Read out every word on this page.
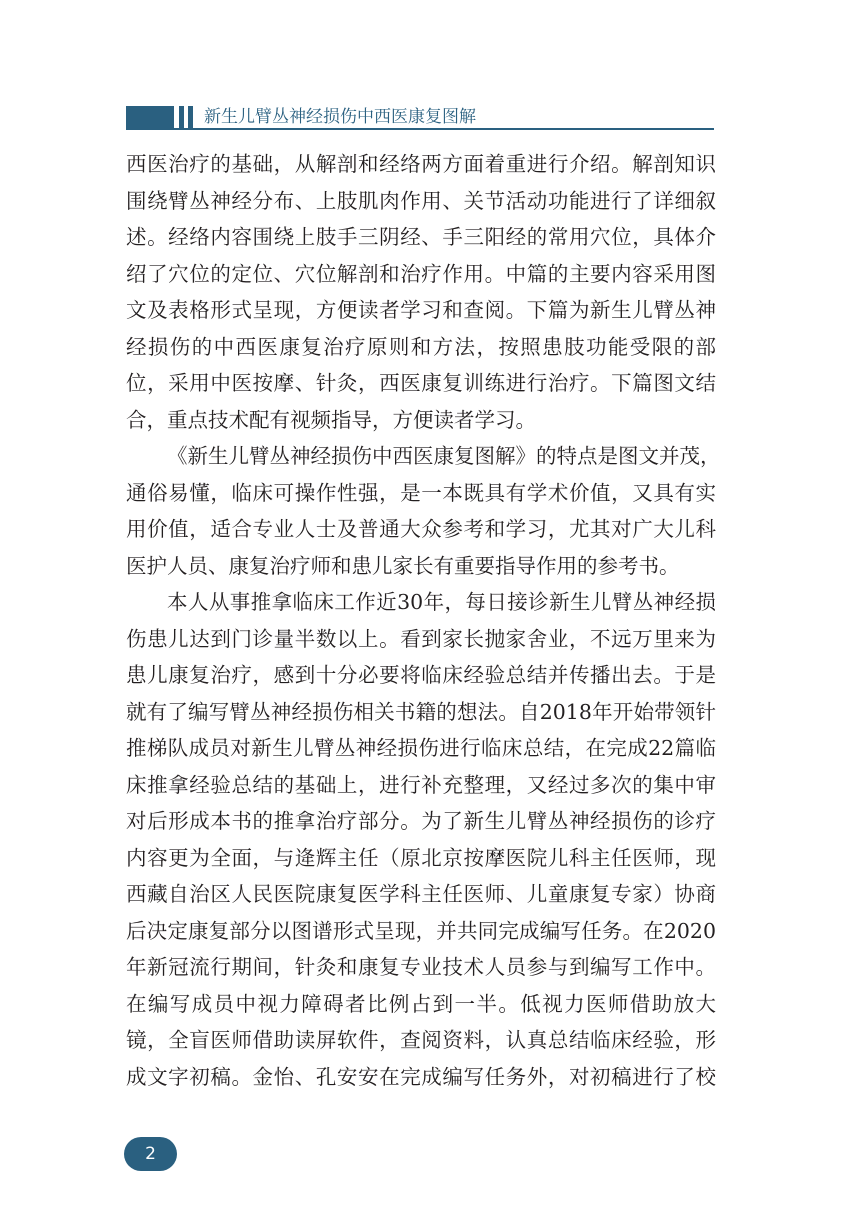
新生儿臂丛神经损伤中西医康复图解
西医治疗的基础，从解剖和经络两方面着重进行介绍。解剖知识
围绕臂丛神经分布、上肢肌肉作用、关节活动功能进行了详细叙
述。经络内容围绕上肢手三阴经、手三阳经的常用穴位，具体介
绍了穴位的定位、穴位解剖和治疗作用。中篇的主要内容采用图
文及表格形式呈现，方便读者学习和查阅。下篇为新生儿臂丛神
经损伤的中西医康复治疗原则和方法，按照患肢功能受限的部
位，采用中医按摩、针灸，西医康复训练进行治疗。下篇图文结
合，重点技术配有视频指导，方便读者学习。
《新生儿臂丛神经损伤中西医康复图解》的特点是图文并茂，
通俗易懂，临床可操作性强，是一本既具有学术价值，又具有实
用价值，适合专业人士及普通大众参考和学习，尤其对广大儿科
医护人员、康复治疗师和患儿家长有重要指导作用的参考书。
本人从事推拿临床工作近30年，每日接诊新生儿臂丛神经损
伤患儿达到门诊量半数以上。看到家长抛家舍业，不远万里来为
患儿康复治疗，感到十分必要将临床经验总结并传播出去。于是
就有了编写臂丛神经损伤相关书籍的想法。自2018年开始带领针
推梯队成员对新生儿臂丛神经损伤进行临床总结，在完成22篇临
床推拿经验总结的基础上，进行补充整理，又经过多次的集中审
对后形成本书的推拿治疗部分。为了新生儿臂丛神经损伤的诊疗
内容更为全面，与逄辉主任（原北京按摩医院儿科主任医师，现
西藏自治区人民医院康复医学科主任医师、儿童康复专家）协商
后决定康复部分以图谱形式呈现，并共同完成编写任务。在2020
年新冠流行期间，针灸和康复专业技术人员参与到编写工作中。
在编写成员中视力障碍者比例占到一半。低视力医师借助放大
镜，全盲医师借助读屏软件，查阅资料，认真总结临床经验，形
成文字初稿。金怡、孔安安在完成编写任务外，对初稿进行了校
2
